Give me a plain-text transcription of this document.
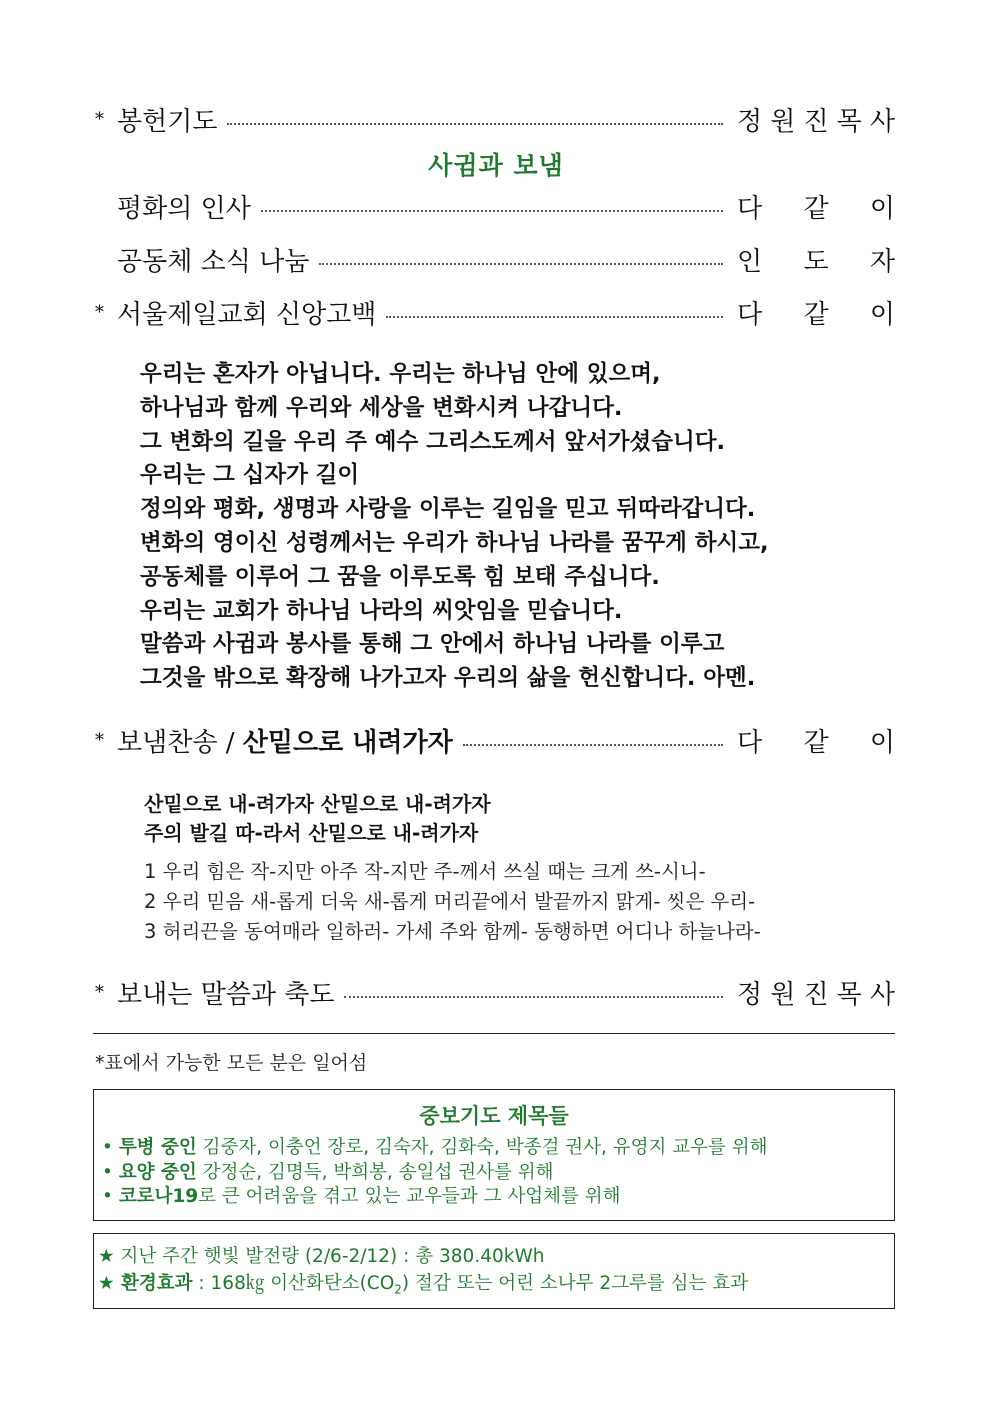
* 봉헌기도	정 원 진 목 사
사귐과 보냄
평화의 인사	다 같 이
공동체 소식 나눔	인 도 자
* 서울제일교회 신앙고백	다 같 이
우리는 혼자가 아닙니다. 우리는 하나님 안에 있으며,
하나님과 함께 우리와 세상을 변화시켜 나갑니다.
그 변화의 길을 우리 주 예수 그리스도께서 앞서가셨습니다.
우리는 그 십자가 길이
정의와 평화, 생명과 사랑을 이루는 길임을 믿고 뒤따라갑니다.
변화의 영이신 성령께서는 우리가 하나님 나라를 꿈꾸게 하시고,
공동체를 이루어 그 꿈을 이루도록 힘 보태 주십니다.
우리는 교회가 하나님 나라의 씨앗임을 믿습니다.
말씀과 사귐과 봉사를 통해 그 안에서 하나님 나라를 이루고
그것을 밖으로 확장해 나가고자 우리의 삶을 헌신합니다. 아멘.
* 보냄찬송 / 산밑으로 내려가자	다 같 이
산밑으로 내-려가자 산밑으로 내-려가자
주의 발길 따-라서 산밑으로 내-려가자
1 우리 힘은 작-지만 아주 작-지만 주-께서 쓰실 때는 크게 쓰-시니-
2 우리 믿음 새-롭게 더욱 새-롭게 머리끝에서 발끝까지 맑게- 씻은 우리-
3 허리끈을 동여매라 일하러- 가세 주와 함께- 동행하면 어디나 하늘나라-
* 보내는 말씀과 축도	정 원 진 목 사
*표에서 가능한 모든 분은 일어섬
중보기도 제목들
• 투병 중인 김중자, 이충언 장로, 김숙자, 김화숙, 박종걸 권사, 유영지 교우를 위해
• 요양 중인 강정순, 김명득, 박희봉, 송일섭 권사를 위해
• 코로나19로 큰 어려움을 겪고 있는 교우들과 그 사업체를 위해
★ 지난 주간 햇빛 발전량 (2/6-2/12) : 총 380.40kWh
★ 환경효과 : 168㎏ 이산화탄소$(CO_2)$ 절감 또는 어린 소나무 2그루를 심는 효과
